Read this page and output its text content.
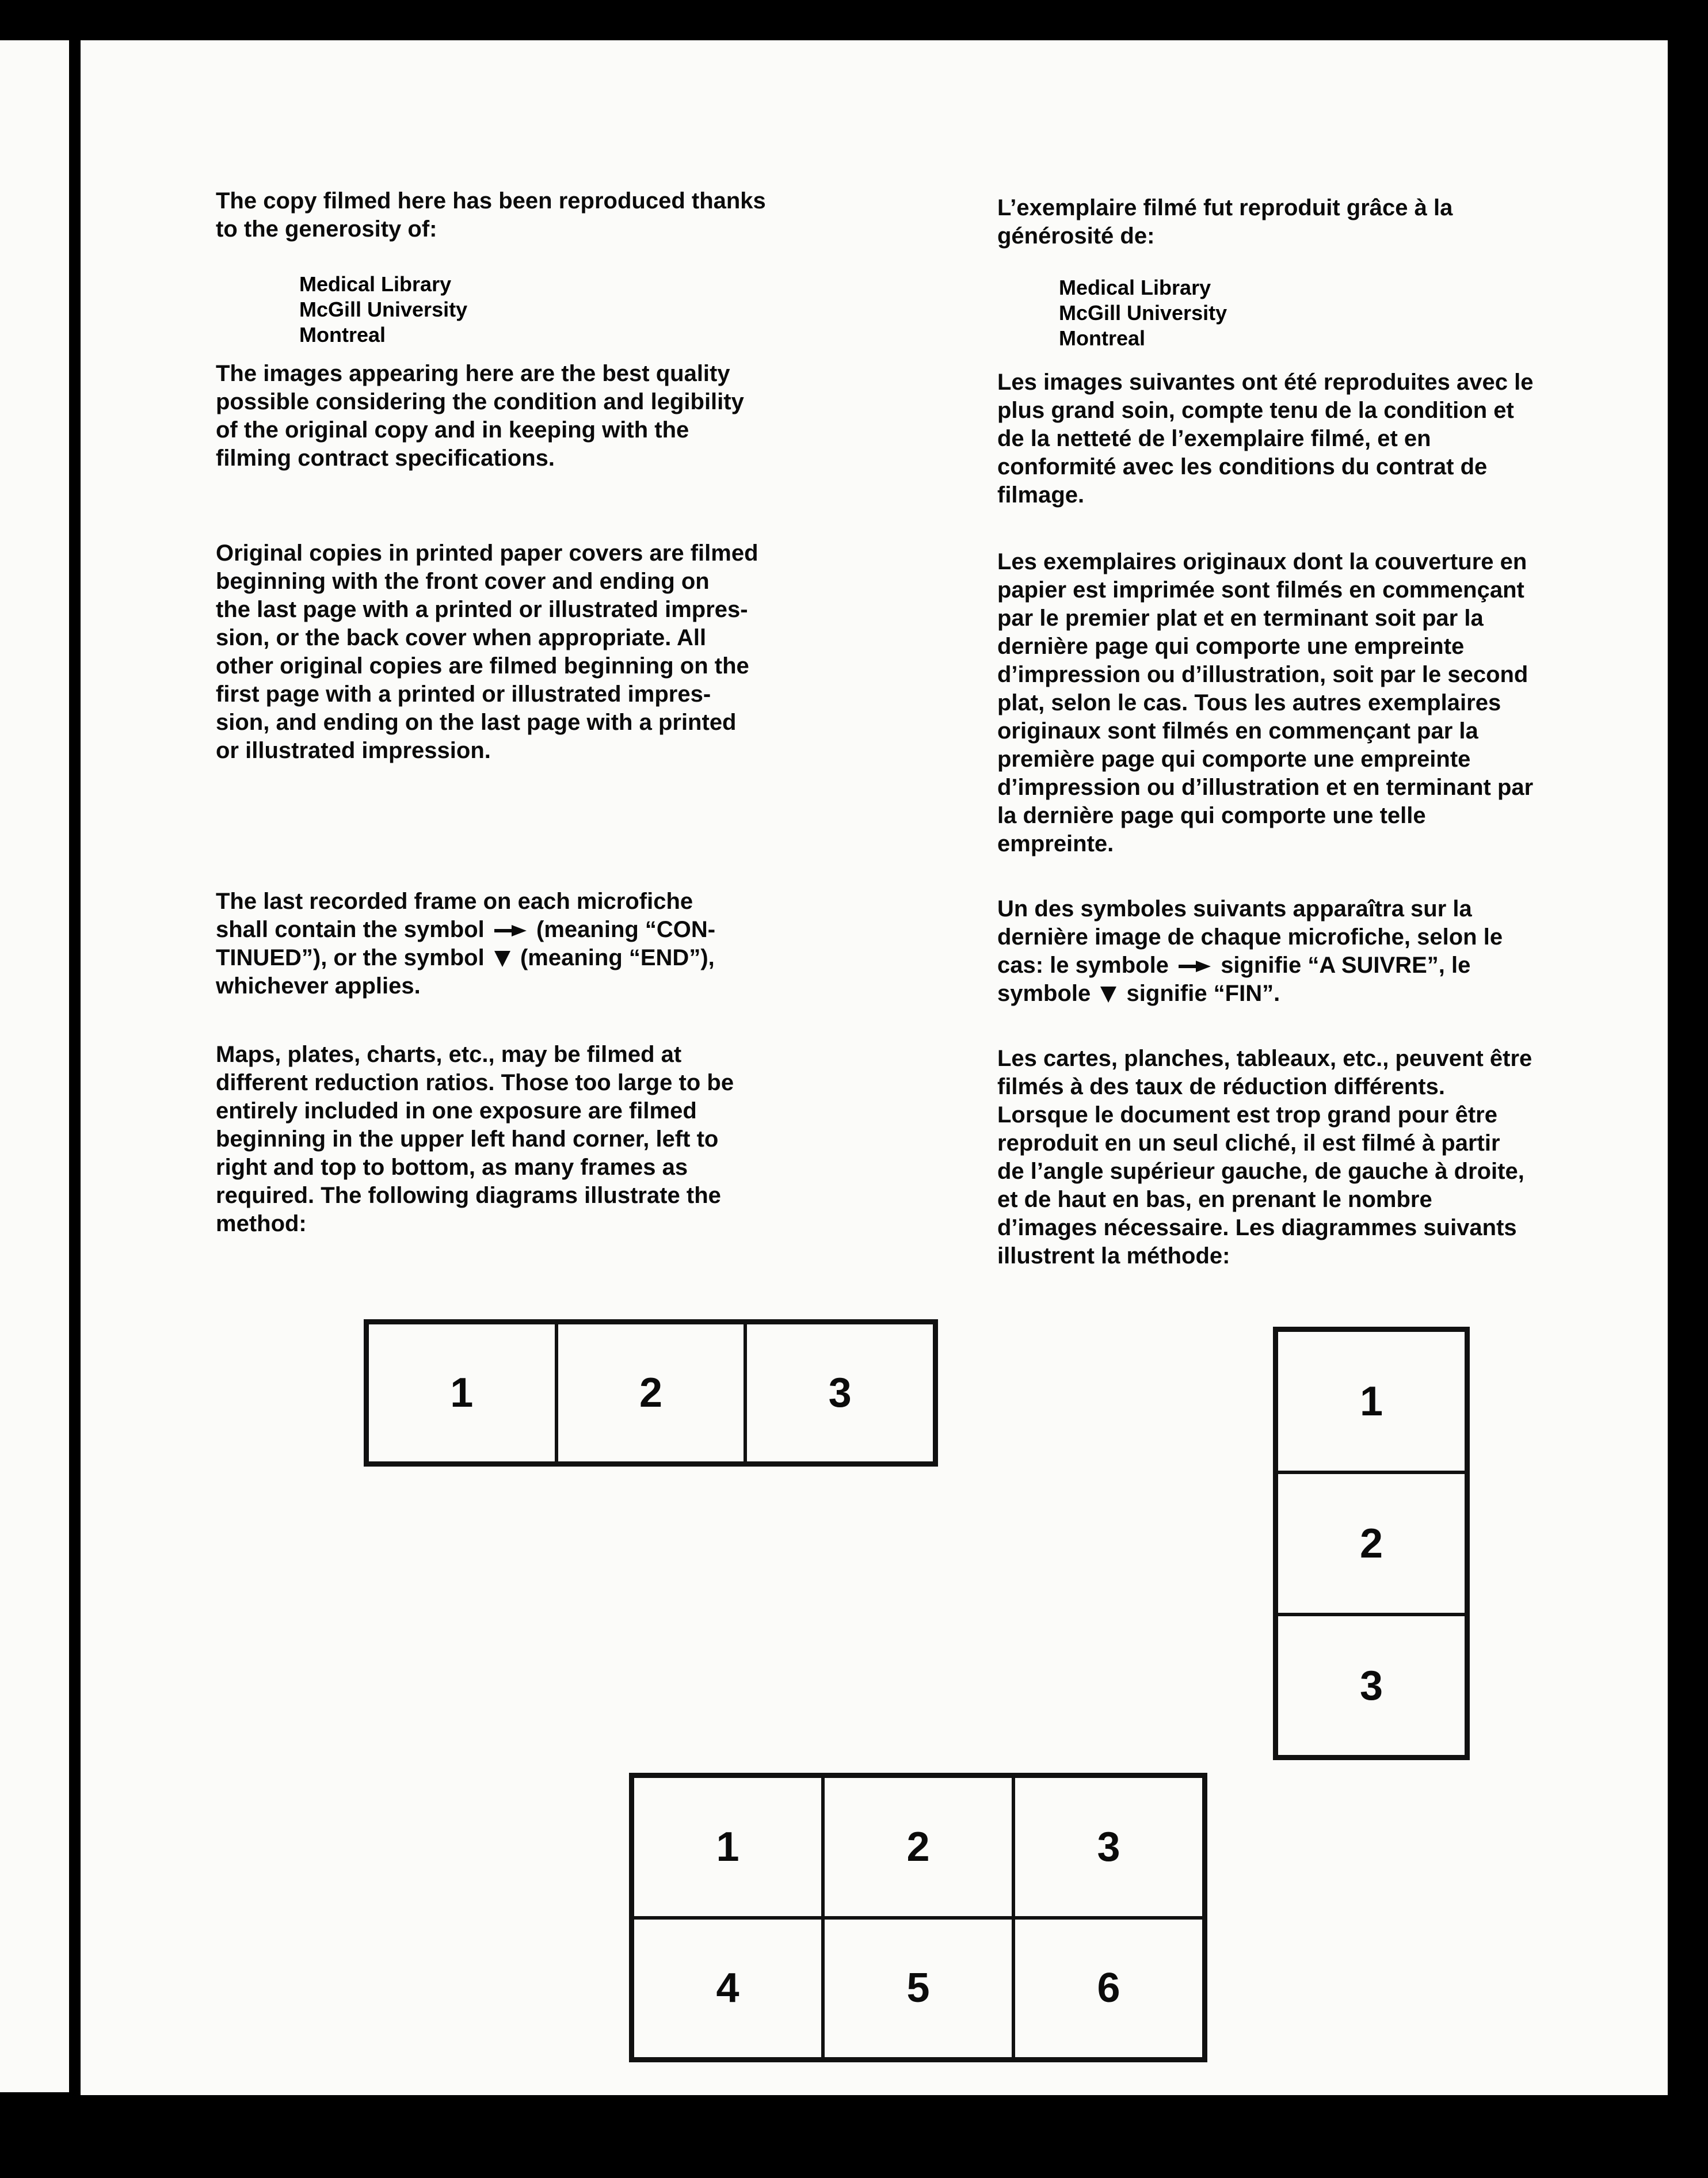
The copy filmed here has been reproduced thanks
to the generosity of:

Medical Library
McGill University
Montreal

The images appearing here are the best quality
possible considering the condition and legibility
of the original copy and in keeping with the
filming contract specifications.

Original copies in printed paper covers are filmed
beginning with the front cover and ending on
the last page with a printed or illustrated impres-
sion, or the back cover when appropriate. All
other original copies are filmed beginning on the
first page with a printed or illustrated impres-
sion, and ending on the last page with a printed
or illustrated impression.

The last recorded frame on each microfiche
shall contain the symbol (meaning “CON-
TINUED”), or the symbol (meaning “END”),
whichever applies.

Maps, plates, charts, etc., may be filmed at
different reduction ratios. Those too large to be
entirely included in one exposure are filmed
beginning in the upper left hand corner, left to
right and top to bottom, as many frames as
required. The following diagrams illustrate the
method:

L’exemplaire filmé fut reproduit grâce à la
générosité de:

Medical Library
McGill University
Montreal

Les images suivantes ont été reproduites avec le
plus grand soin, compte tenu de la condition et
de la netteté de l’exemplaire filmé, et en
conformité avec les conditions du contrat de
filmage.

Les exemplaires originaux dont la couverture en
papier est imprimée sont filmés en commençant
par le premier plat et en terminant soit par la
dernière page qui comporte une empreinte
d’impression ou d’illustration, soit par le second
plat, selon le cas. Tous les autres exemplaires
originaux sont filmés en commençant par la
première page qui comporte une empreinte
d’impression ou d’illustration et en terminant par
la dernière page qui comporte une telle
empreinte.

Un des symboles suivants apparaîtra sur la
dernière image de chaque microfiche, selon le
cas: le symbole signifie “A SUIVRE”, le
symbole signifie “FIN”.

Les cartes, planches, tableaux, etc., peuvent être
filmés à des taux de réduction différents.
Lorsque le document est trop grand pour être
reproduit en un seul cliché, il est filmé à partir
de l’angle supérieur gauche, de gauche à droite,
et de haut en bas, en prenant le nombre
d’images nécessaire. Les diagrammes suivants
illustrent la méthode:

1	2	3	1
2
3
1	2	3
4	5	6
